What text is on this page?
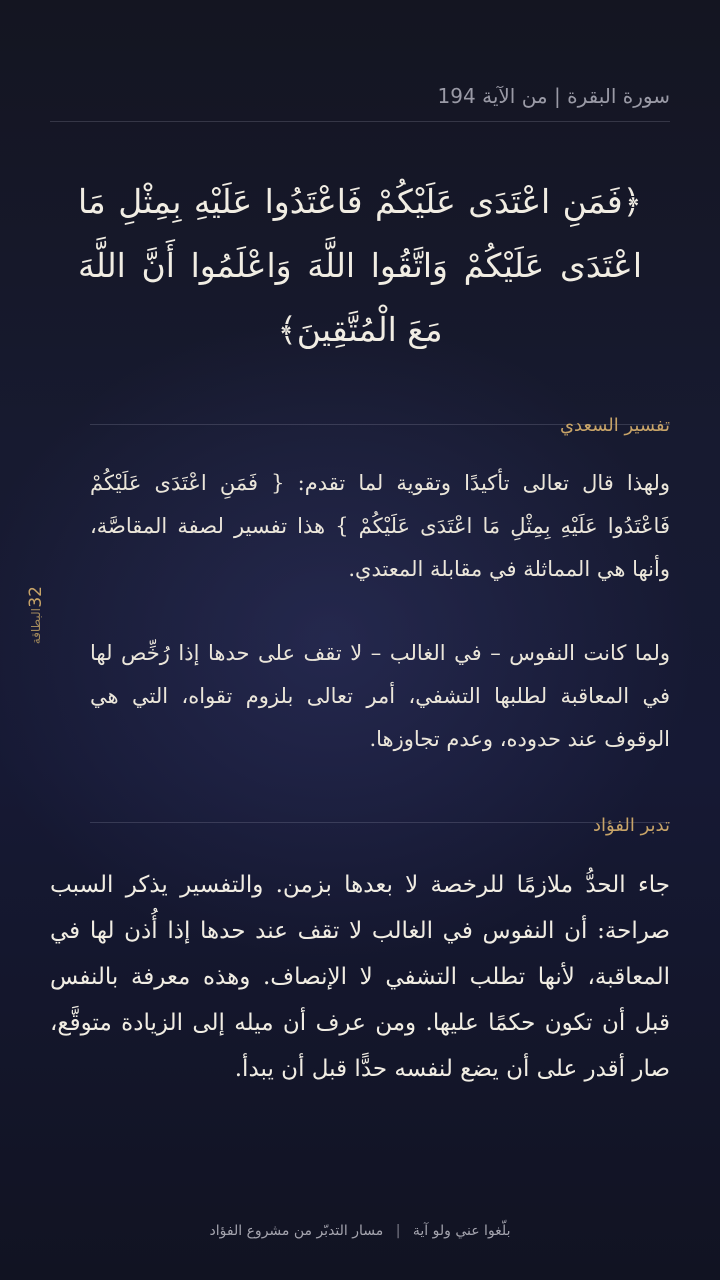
سورة البقرة | من الآية 194
﴿فَمَنِ اعْتَدَى عَلَيْكُمْ فَاعْتَدُوا عَلَيْهِ بِمِثْلِ مَا اعْتَدَى عَلَيْكُمْ وَاتَّقُوا اللَّهَ وَاعْلَمُوا أَنَّ اللَّهَ مَعَ الْمُتَّقِينَ﴾
تفسير السعدي
ولهذا قال تعالى تأكيدًا وتقوية لما تقدم: { فَمَنِ اعْتَدَى عَلَيْكُمْ فَاعْتَدُوا عَلَيْهِ بِمِثْلِ مَا اعْتَدَى عَلَيْكُمْ } هذا تفسير لصفة المقاصَّة، وأنها هي المماثلة في مقابلة المعتدي.
ولما كانت النفوس – في الغالب – لا تقف على حدها إذا رُخِّص لها في المعاقبة لطلبها التشفي، أمر تعالى بلزوم تقواه، التي هي الوقوف عند حدوده، وعدم تجاوزها.
تدبر الفؤاد
جاء الحدُّ ملازمًا للرخصة لا بعدها بزمن. والتفسير يذكر السبب صراحة: أن النفوس في الغالب لا تقف عند حدها إذا أُذن لها في المعاقبة، لأنها تطلب التشفي لا الإنصاف. وهذه معرفة بالنفس قبل أن تكون حكمًا عليها. ومن عرف أن ميله إلى الزيادة متوقَّع، صار أقدر على أن يضع لنفسه حدًّا قبل أن يبدأ.
32
البطاقة
بلّغوا عني ولو آية | مسار التدبّر من مشروع الفؤاد
